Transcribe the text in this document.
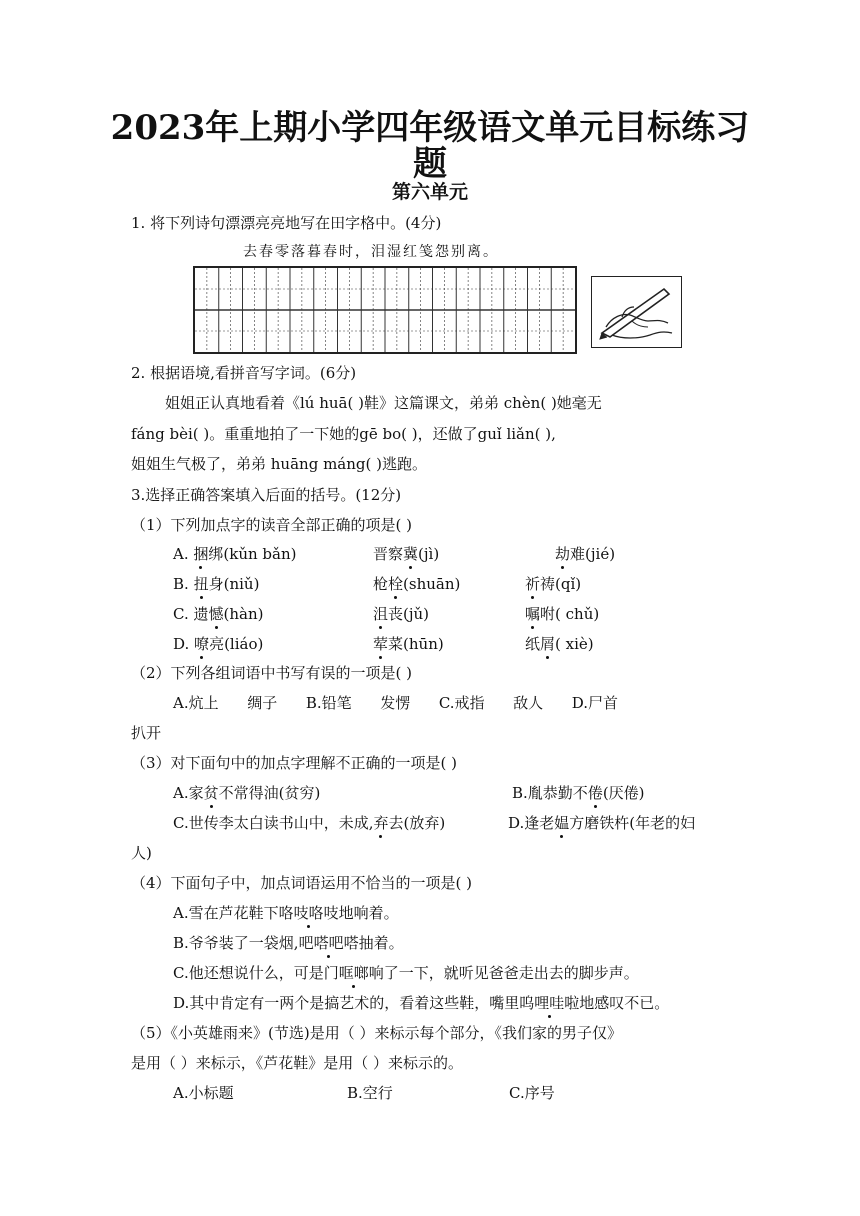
2023年上期小学四年级语文单元目标练习
题
第六单元
1. 将下列诗句漂漂亮亮地写在田字格中。(4分)
去春零落暮春时，泪湿红笺怨别离。
2. 根据语境,看拼音写字词。(6分)
姐姐正认真地看着《lú huā( )鞋》这篇课文，弟弟 chèn( )她毫无
fáng bèi( )。重重地拍了一下她的gē bo( )，还做了guǐ liǎn( ),
姐姐生气极了，弟弟 huāng máng( )逃跑。
3.选择正确答案填入后面的括号。(12分)
（1）下列加点字的读音全部正确的项是( )
A. 捆绑(kǔn bǎn)	晋察冀(jì)	劫难(jié)
B. 扭身(niǔ)	枪栓(shuān)	祈祷(qǐ)
C. 遗憾(hàn)	沮丧(jǔ)	嘱咐( chǔ)
D. 嘹亮(liáo)	荤菜(hūn)	纸屑( xiè)
（2）下列各组词语中书写有误的一项是( )
A.炕上      绸子      B.铅笔      发愣      C.戒指      敌人      D.尸首
扒开
（3）对下面句中的加点字理解不正确的一项是( )
A.家贫不常得油(贫穷)	B.胤恭勤不倦(厌倦)
C.世传李太白读书山中，未成,弃去(放弃)	D.逢老媪方磨铁杵(年老的妇
人)
（4）下面句子中，加点词语运用不恰当的一项是( )
A.雪在芦花鞋下咯吱咯吱地响着。
B.爷爷装了一袋烟,吧嗒吧嗒抽着。
C.他还想说什么，可是门哐啷响了一下，就听见爸爸走出去的脚步声。
D.其中肯定有一两个是搞艺术的，看着这些鞋，嘴里呜哩哇啦地感叹不已。
（5）《小英雄雨来》(节选)是用（ ）来标示每个部分，《我们家的男子仅》
是用（ ）来标示，《芦花鞋》是用（ ）来标示的。
A.小标题	B.空行	C.序号
